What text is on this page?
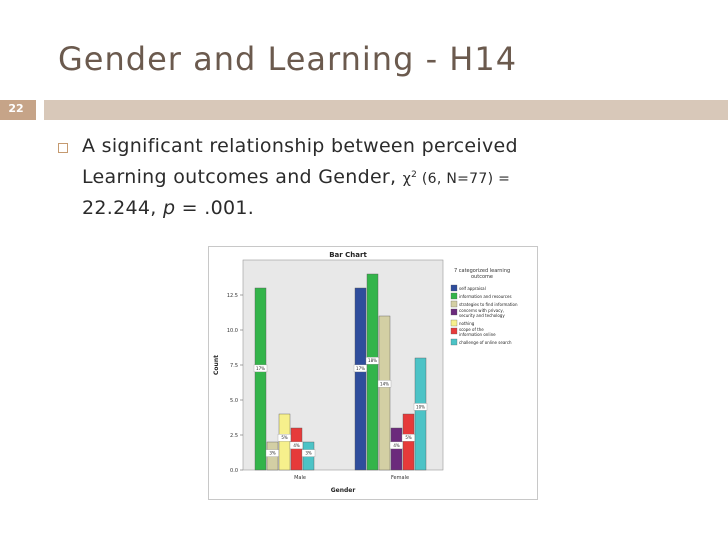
Gender and Learning - H14
22
A significant relationship between perceived
Learning outcomes and Gender, $\chi^2$ (6, N=77) =
22.244, p = .001.
Bar Chart
0.0
2.5
5.0
7.5
10.0
12.5
Count
Male
17%
3%
5%
4%
3%
Female
17%
18%
14%
4%
5%
10%
Gender
7 categorized learning
outcome
self appraisal
information and resources
strategies to find information
concerns with privacy,
security and techology
nothing
scope of the
information online
challenge of online search
